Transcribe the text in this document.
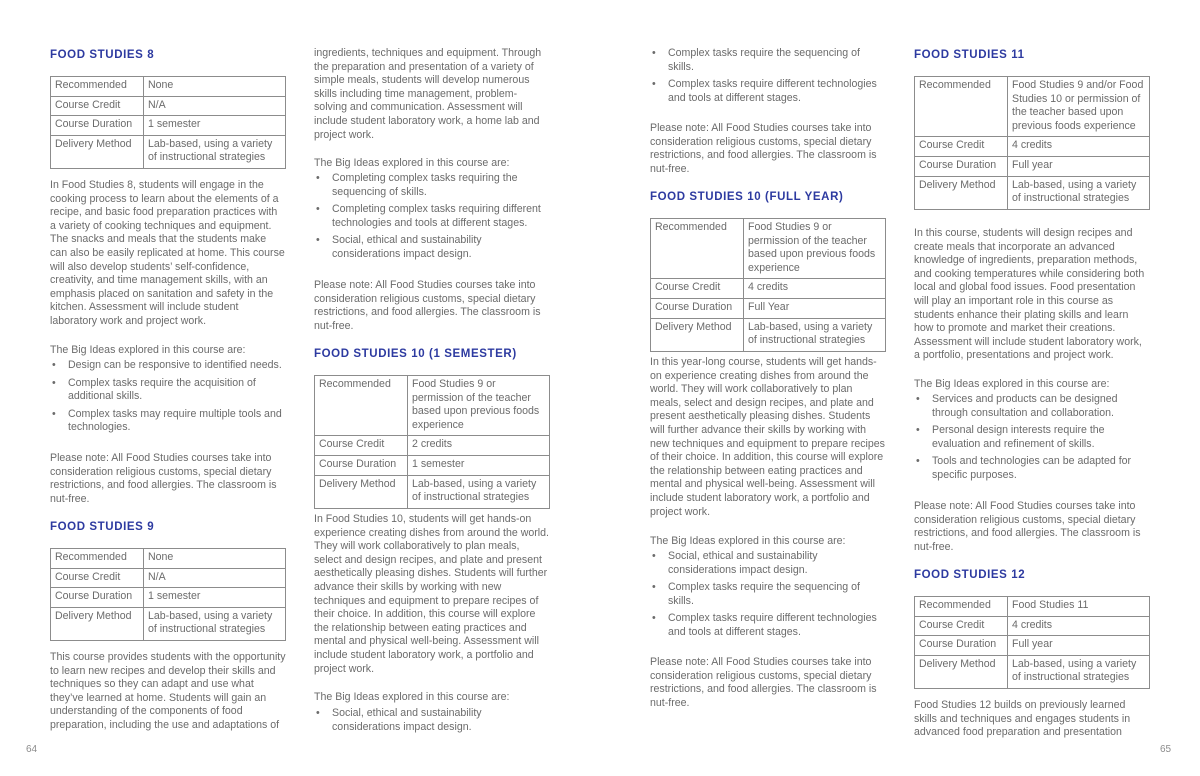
FOOD STUDIES 8
Recommended	None
Course Credit	N/A
Course Duration	1 semester
Delivery Method	Lab-based, using a variety of instructional strategies

In Food Studies 8, students will engage in the cooking process to learn about the elements of a recipe, and basic food preparation practices with a variety of cooking techniques and equipment. The snacks and meals that the students make can also be easily replicated at home. This course will also develop students’ self-confidence, creativity, and time management skills, with an emphasis placed on sanitation and safety in the kitchen. Assessment will include student laboratory work and project work.

The Big Ideas explored in this course are:

• Design can be responsive to identified needs.
• Complex tasks require the acquisition of additional skills.
• Complex tasks may require multiple tools and technologies.

Please note: All Food Studies courses take into consideration religious customs, special dietary restrictions, and food allergies. The classroom is nut-free.

FOOD STUDIES 9
Recommended	None
Course Credit	N/A
Course Duration	1 semester
Delivery Method	Lab-based, using a variety of instructional strategies

This course provides students with the opportunity to learn new recipes and develop their skills and techniques so they can adapt and use what they’ve learned at home. Students will gain an understanding of the components of food preparation, including the use and adaptations of

ingredients, techniques and equipment. Through the preparation and presentation of a variety of simple meals, students will develop numerous skills including time management, problem-solving and communication. Assessment will include student laboratory work, a home lab and project work.

The Big Ideas explored in this course are:

• Completing complex tasks requiring the sequencing of skills.
• Completing complex tasks requiring different technologies and tools at different stages.
• Social, ethical and sustainability considerations impact design.

Please note: All Food Studies courses take into consideration religious customs, special dietary restrictions, and food allergies. The classroom is nut-free.

FOOD STUDIES 10 (1 SEMESTER)
Recommended	Food Studies 9 or permission of the teacher based upon previous foods experience
Course Credit	2 credits
Course Duration	1 semester
Delivery Method	Lab-based, using a variety of instructional strategies

In Food Studies 10, students will get hands-on experience creating dishes from around the world. They will work collaboratively to plan meals, select and design recipes, and plate and present aesthetically pleasing dishes. Students will further advance their skills by working with new techniques and equipment to prepare recipes of their choice. In addition, this course will explore the relationship between eating practices and mental and physical well-being. Assessment will include student laboratory work, a portfolio and project work.

The Big Ideas explored in this course are:

• Social, ethical and sustainability considerations impact design.
• Complex tasks require the sequencing of skills.
• Complex tasks require different technologies and tools at different stages.

Please note: All Food Studies courses take into consideration religious customs, special dietary restrictions, and food allergies. The classroom is nut-free.

FOOD STUDIES 10 (FULL YEAR)
Recommended	Food Studies 9 or permission of the teacher based upon previous foods experience
Course Credit	4 credits
Course Duration	Full Year
Delivery Method	Lab-based, using a variety of instructional strategies

In this year-long course, students will get hands-on experience creating dishes from around the world. They will work collaboratively to plan meals, select and design recipes, and plate and present aesthetically pleasing dishes. Students will further advance their skills by working with new techniques and equipment to prepare recipes of their choice. In addition, this course will explore the relationship between eating practices and mental and physical well-being. Assessment will include student laboratory work, a portfolio and project work.

The Big Ideas explored in this course are:

• Social, ethical and sustainability considerations impact design.
• Complex tasks require the sequencing of skills.
• Complex tasks require different technologies and tools at different stages.

Please note: All Food Studies courses take into consideration religious customs, special dietary restrictions, and food allergies. The classroom is nut-free.

FOOD STUDIES 11
Recommended	Food Studies 9 and/or Food Studies 10 or permission of the teacher based upon previous foods experience
Course Credit	4 credits
Course Duration	Full year
Delivery Method	Lab-based, using a variety of instructional strategies

In this course, students will design recipes and create meals that incorporate an advanced knowledge of ingredients, preparation methods, and cooking temperatures while considering both local and global food issues. Food presentation will play an important role in this course as students enhance their plating skills and learn how to promote and market their creations. Assessment will include student laboratory work, a portfolio, presentations and project work.

The Big Ideas explored in this course are:

• Services and products can be designed through consultation and collaboration.
• Personal design interests require the evaluation and refinement of skills.
• Tools and technologies can be adapted for specific purposes.

Please note: All Food Studies courses take into consideration religious customs, special dietary restrictions, and food allergies. The classroom is nut-free.

FOOD STUDIES 12
Recommended	Food Studies 11
Course Credit	4 credits
Course Duration	Full year
Delivery Method	Lab-based, using a variety of instructional strategies

Food Studies 12 builds on previously learned skills and techniques and engages students in advanced food preparation and presentation

64	65
